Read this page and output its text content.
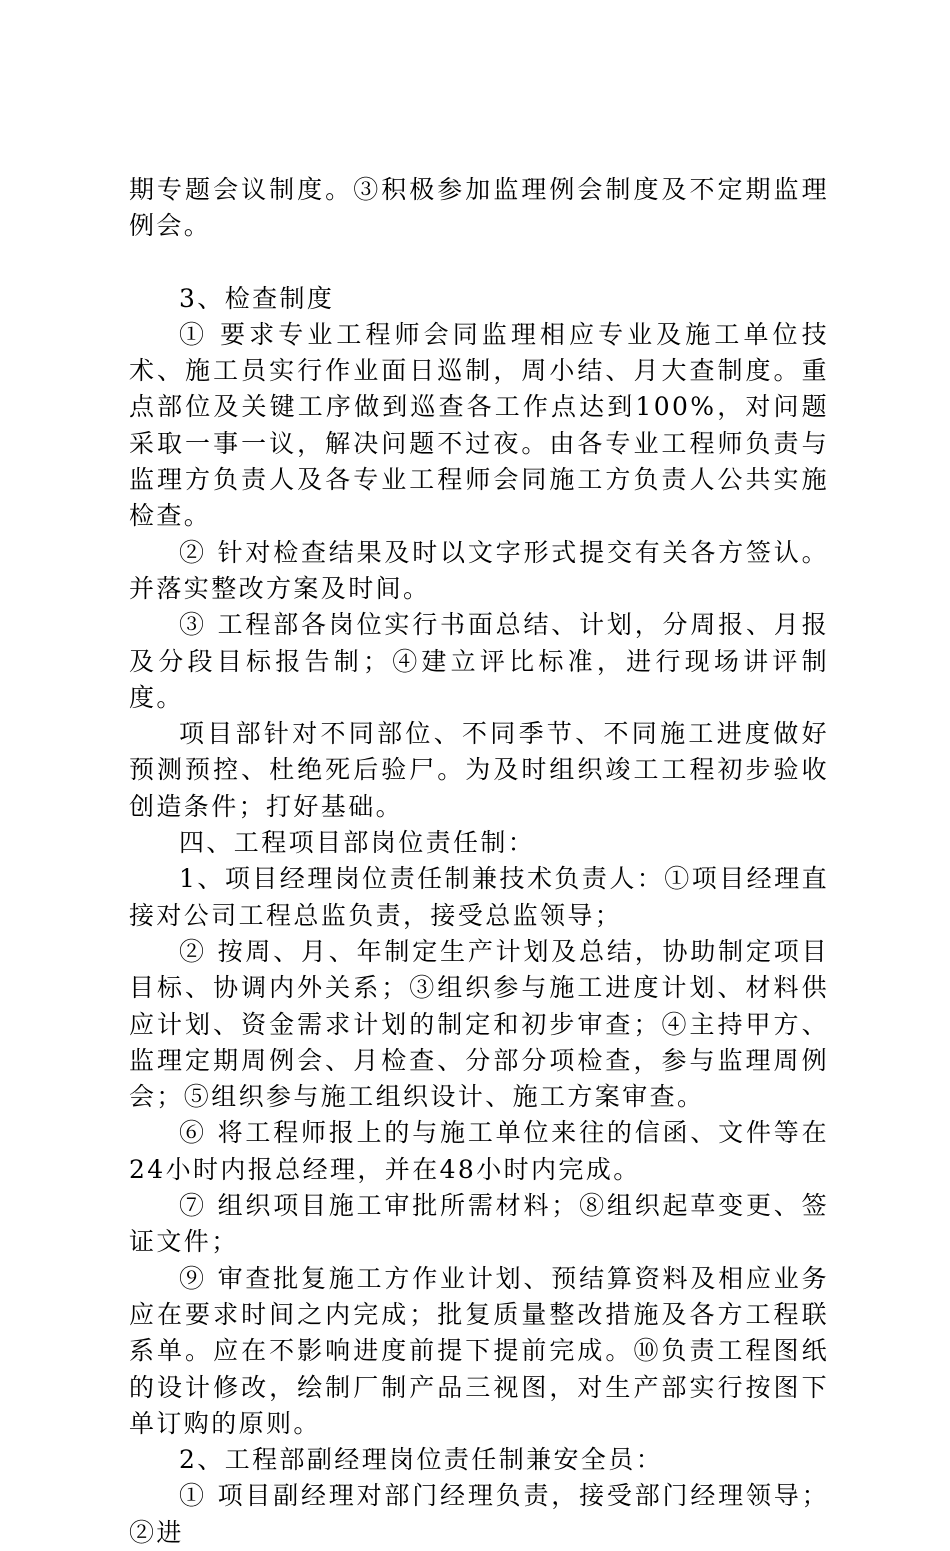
期专题会议制度。③积极参加监理例会制度及不定期监理例会。

3、检查制度

① 要求专业工程师会同监理相应专业及施工单位技术、施工员实行作业面日巡制，周小结、月大查制度。重点部位及关键工序做到巡查各工作点达到100%，对问题采取一事一议，解决问题不过夜。由各专业工程师负责与监理方负责人及各专业工程师会同施工方负责人公共实施检查。

② 针对检查结果及时以文字形式提交有关各方签认。并落实整改方案及时间。

③ 工程部各岗位实行书面总结、计划，分周报、月报及分段目标报告制；④建立评比标准，进行现场讲评制度。

项目部针对不同部位、不同季节、不同施工进度做好预测预控、杜绝死后验尸。为及时组织竣工工程初步验收创造条件；打好基础。

四、工程项目部岗位责任制：

1、项目经理岗位责任制兼技术负责人：①项目经理直接对公司工程总监负责，接受总监领导；

② 按周、月、年制定生产计划及总结，协助制定项目目标、协调内外关系；③组织参与施工进度计划、材料供应计划、资金需求计划的制定和初步审查；④主持甲方、监理定期周例会、月检查、分部分项检查，参与监理周例会；⑤组织参与施工组织设计、施工方案审查。

⑥ 将工程师报上的与施工单位来往的信函、文件等在24小时内报总经理，并在48小时内完成。

⑦ 组织项目施工审批所需材料；⑧组织起草变更、签证文件；

⑨ 审查批复施工方作业计划、预结算资料及相应业务应在要求时间之内完成；批复质量整改措施及各方工程联系单。应在不影响进度前提下提前完成。⑩负责工程图纸的设计修改，绘制厂制产品三视图，对生产部实行按图下单订购的原则。

2、工程部副经理岗位责任制兼安全员：

① 项目副经理对部门经理负责，接受部门经理领导；②进
